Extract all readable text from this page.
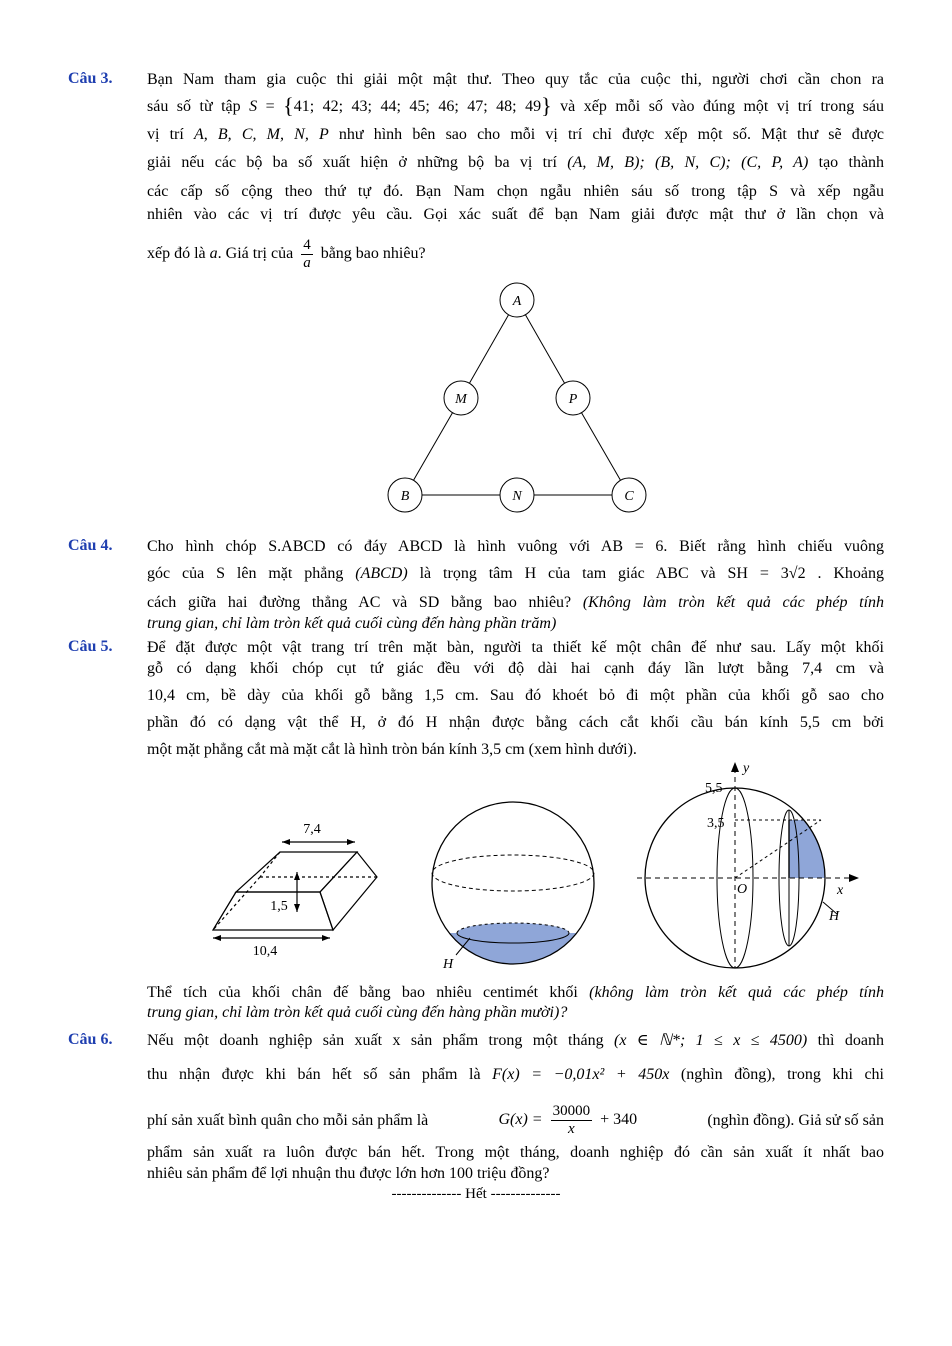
Câu 3. Bạn Nam tham gia cuộc thi giải một mật thư. Theo quy tắc của cuộc thi, người chơi cần chon ra
sáu số từ tập S = {41; 42; 43; 44; 45; 46; 47; 48; 49} và xếp mỗi số vào đúng một vị trí trong sáu
vị trí A, B, C, M, N, P như hình bên sao cho mỗi vị trí chỉ được xếp một số. Mật thư sẽ được
giải nếu các bộ ba số xuất hiện ở những bộ ba vị trí (A, M, B); (B, N, C); (C, P, A) tạo thành
các cấp số cộng theo thứ tự đó. Bạn Nam chọn ngẫu nhiên sáu số trong tập S và xếp ngẫu
nhiên vào các vị trí được yêu cầu. Gọi xác suất để bạn Nam giải được mật thư ở lần chọn và
xếp đó là a. Giá trị của $\frac{4}{a}$ bằng bao nhiêu?
A
M	P
B	N	C
Câu 4. Cho hình chóp S.ABCD có đáy ABCD là hình vuông với AB = 6. Biết rằng hình chiếu vuông
góc của S lên mặt phẳng (ABCD) là trọng tâm H của tam giác ABC và SH = 3√2 . Khoảng
cách giữa hai đường thẳng AC và SD bằng bao nhiêu? (Không làm tròn kết quả các phép tính
trung gian, chỉ làm tròn kết quả cuối cùng đến hàng phần trăm)
Câu 5. Để đặt được một vật trang trí trên mặt bàn, người ta thiết kế một chân đế như sau. Lấy một khối
gỗ có dạng khối chóp cụt tứ giác đều với độ dài hai cạnh đáy lần lượt bằng 7,4 cm và
10,4 cm, bề dày của khối gỗ bằng 1,5 cm. Sau đó khoét bỏ đi một phần của khối gỗ sao cho
phần đó có dạng vật thể H, ở đó H nhận được bằng cách cắt khối cầu bán kính 5,5 cm bởi
một mặt phẳng cắt mà mặt cắt là hình tròn bán kính 3,5 cm (xem hình dưới).
7,4
1,5
10,4
H
y
x
O
5,5
3,5
H
Thể tích của khối chân đế bằng bao nhiêu centimét khối (không làm tròn kết quả các phép tính
trung gian, chỉ làm tròn kết quả cuối cùng đến hàng phần mười)?
Câu 6. Nếu một doanh nghiệp sản xuất x sản phẩm trong một tháng (x ∈ ℕ*; 1 ≤ x ≤ 4500) thì doanh
thu nhận được khi bán hết số sản phẩm là F(x) = −0,01x² + 450x (nghìn đồng), trong khi chi
phí sản xuất bình quân cho mỗi sản phẩm là	$G(x) = \frac{30000}{x} + 340$	(nghìn đồng). Giả sử số sản
phẩm sản xuất ra luôn được bán hết. Trong một tháng, doanh nghiệp đó cần sản xuất ít nhất bao
nhiêu sản phẩm để lợi nhuận thu được lớn hơn 100 triệu đồng?
-------------- Hết --------------
